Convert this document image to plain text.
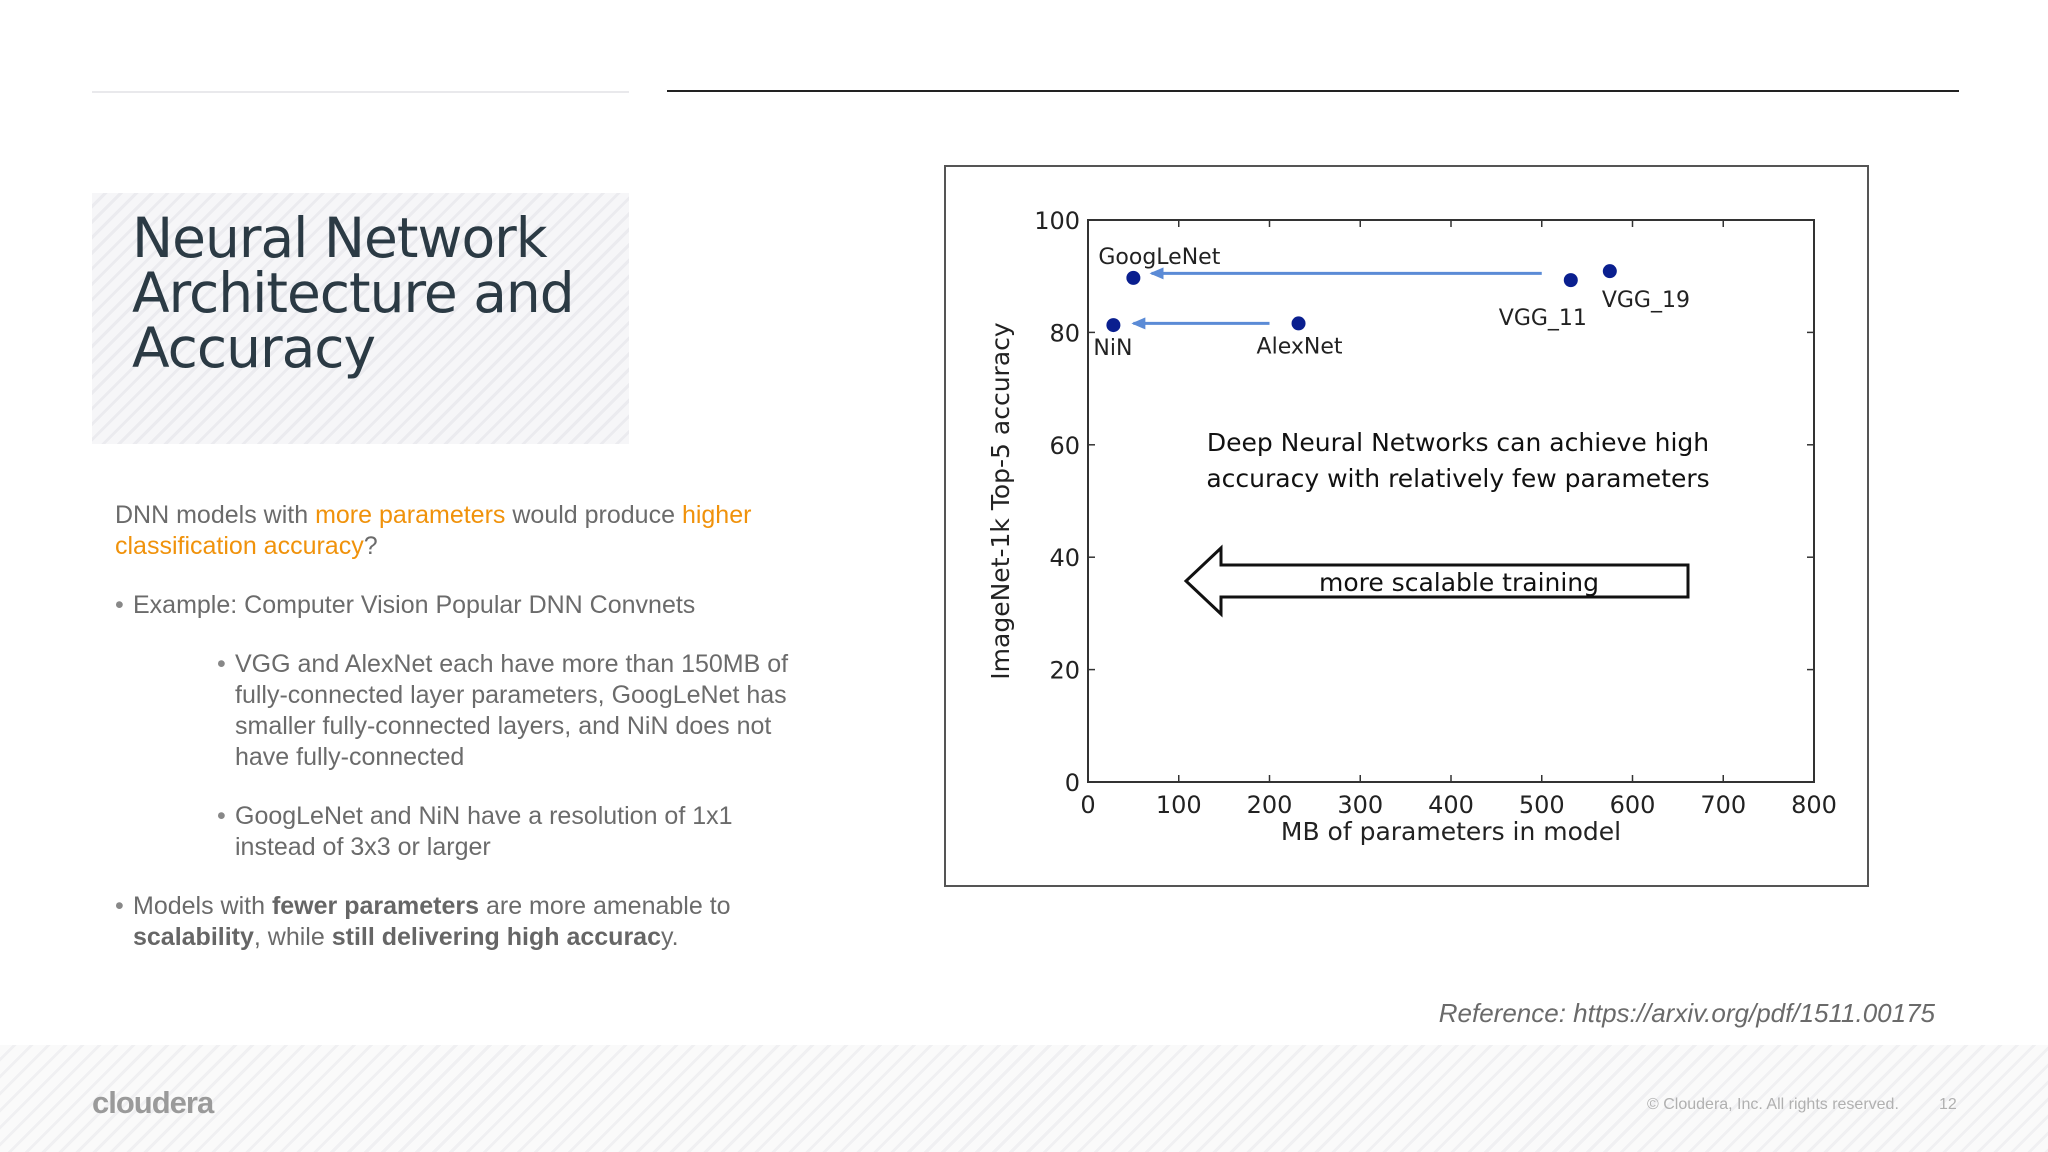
Neural Network
Architecture and
Accuracy

DNN models with more parameters would produce higher classification accuracy?

• Example: Computer Vision Popular DNN Convnets
• VGG and AlexNet each have more than 150MB of fully-connected layer parameters, GoogLeNet has smaller fully-connected layers, and NiN does not have fully-connected
• GoogLeNet and NiN have a resolution of 1x1 instead of 3x3 or larger
• Models with fewer parameters are more amenable to scalability, while still delivering high accuracy.
0	100 200 300 400 500 600 700 800
0
20
40
60
80
100
MB of parameters in model
ImageNet-1k Top-5 accuracy
GoogLeNet
NiN	AlexNet
VGG_11
VGG_19
Deep Neural Networks can achieve high
accuracy with relatively few parameters
more scalable training
Reference: https://arxiv.org/pdf/1511.00175
cloudera	© Cloudera, Inc. All rights reserved.	12
